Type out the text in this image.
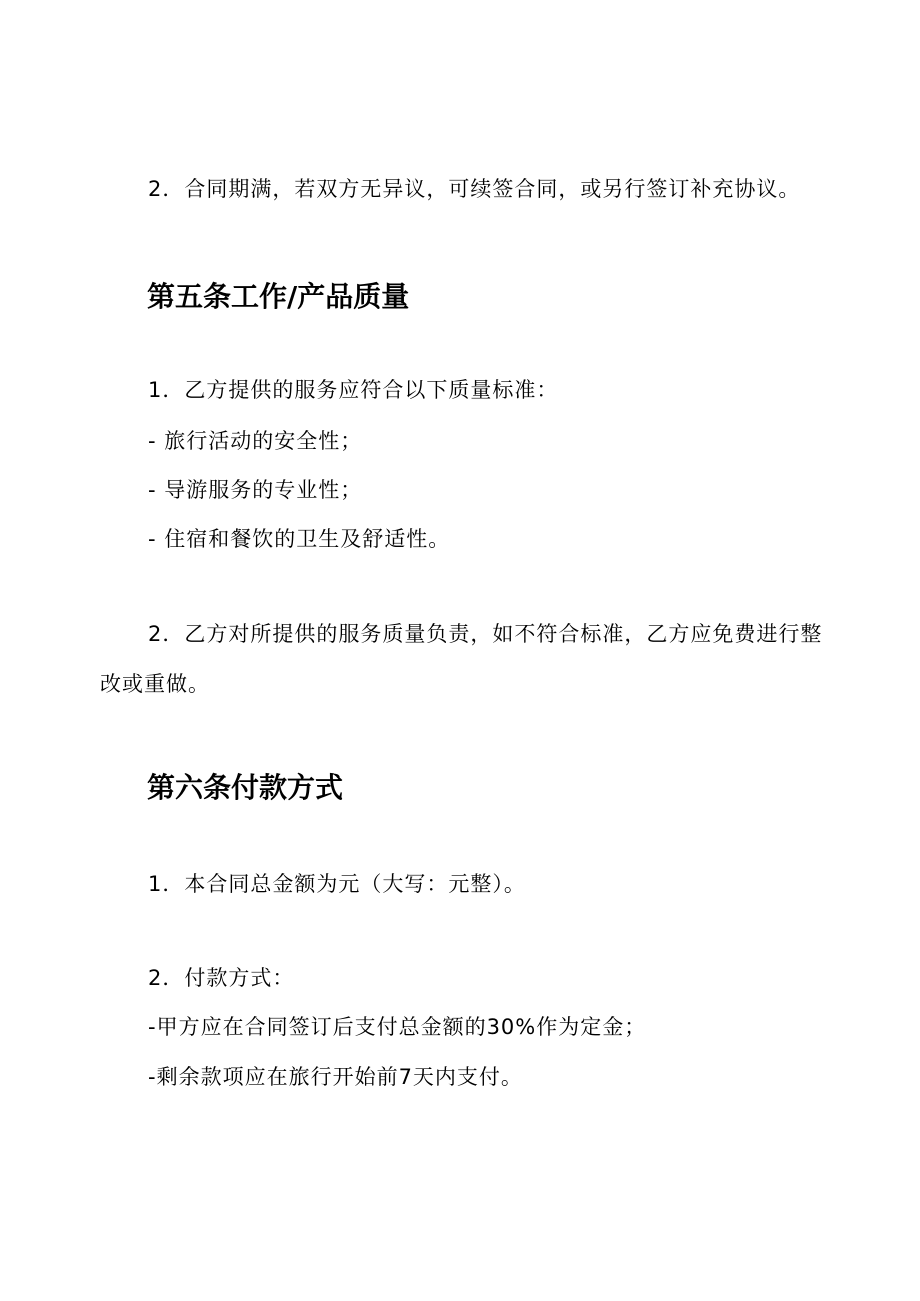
2．合同期满，若双方无异议，可续签合同，或另行签订补充协议。
第五条工作/产品质量
1．乙方提供的服务应符合以下质量标准：
- 旅行活动的安全性；
- 导游服务的专业性；
- 住宿和餐饮的卫生及舒适性。
2．乙方对所提供的服务质量负责，如不符合标准，乙方应免费进行整
改或重做。
第六条付款方式
1．本合同总金额为元（大写：元整）。
2．付款方式：
-甲方应在合同签订后支付总金额的30%作为定金；
-剩余款项应在旅行开始前7天内支付。
